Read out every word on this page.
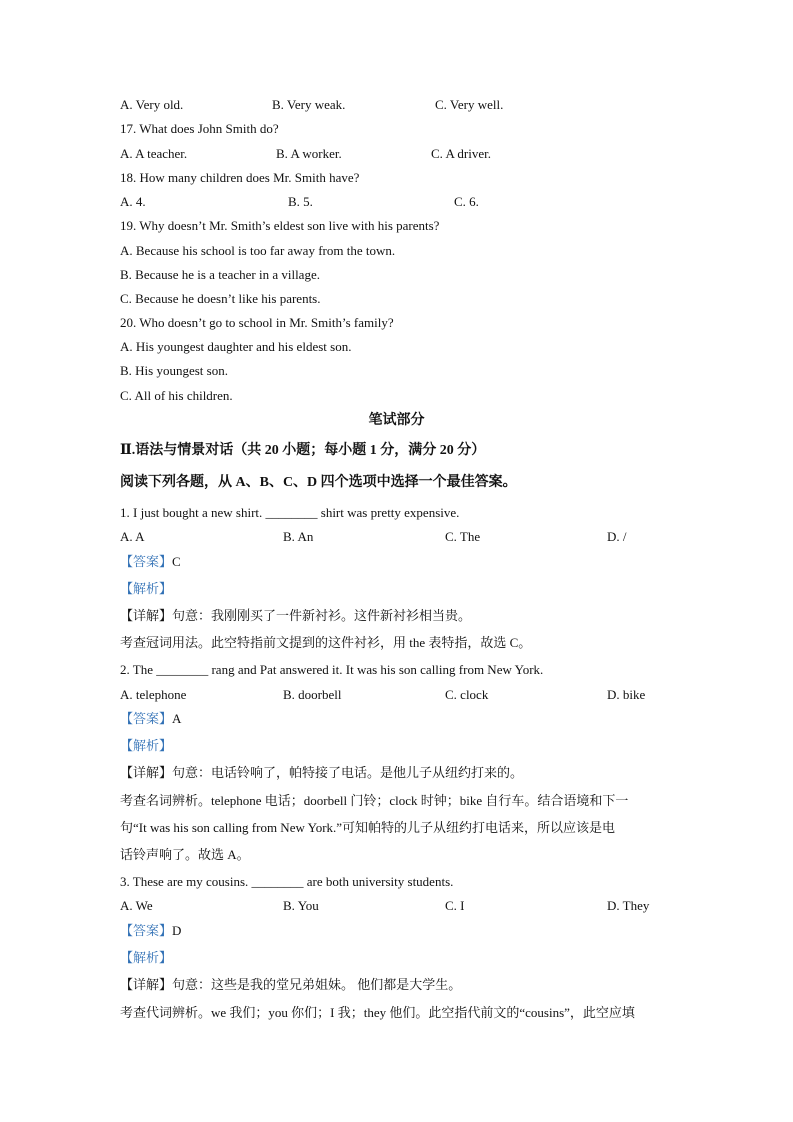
A. Very old.	B. Very weak.	C. Very well.
17. What does John Smith do?
A. A teacher.	B. A worker.	C. A driver.
18. How many children does Mr. Smith have?
A. 4.	B. 5.	C. 6.
19. Why doesn’t Mr. Smith’s eldest son live with his parents?
A. Because his school is too far away from the town.
B. Because he is a teacher in a village.
C. Because he doesn’t like his parents.
20. Who doesn’t go to school in Mr. Smith’s family?
A. His youngest daughter and his eldest son.
B. His youngest son.
C. All of his children.
笔试部分
Ⅱ.语法与情景对话（共 20 小题；每小题 1 分，满分 20 分）
阅读下列各题，从 A、B、C、D 四个选项中选择一个最佳答案。
1. I just bought a new shirt. ________ shirt was pretty expensive.
A. A	B. An	C. The	D. /
【答案】C
【解析】
【详解】句意：我刚刚买了一件新衬衫。这件新衬衫相当贵。
考查冠词用法。此空特指前文提到的这件衬衫，用 the 表特指，故选 C。
2. The ________ rang and Pat answered it. It was his son calling from New York.
A. telephone	B. doorbell	C. clock	D. bike
【答案】A
【解析】
【详解】句意：电话铃响了，帕特接了电话。是他儿子从纽约打来的。
考查名词辨析。telephone 电话；doorbell 门铃；clock 时钟；bike 自行车。结合语境和下一
句“It was his son calling from New York.”可知帕特的儿子从纽约打电话来，所以应该是电
话铃声响了。故选 A。
3. These are my cousins. ________ are both university students.
A. We	B. You	C. I	D. They
【答案】D
【解析】
【详解】句意：这些是我的堂兄弟姐妹。 他们都是大学生。
考查代词辨析。we 我们；you 你们；I 我；they 他们。此空指代前文的“cousins”，此空应填
